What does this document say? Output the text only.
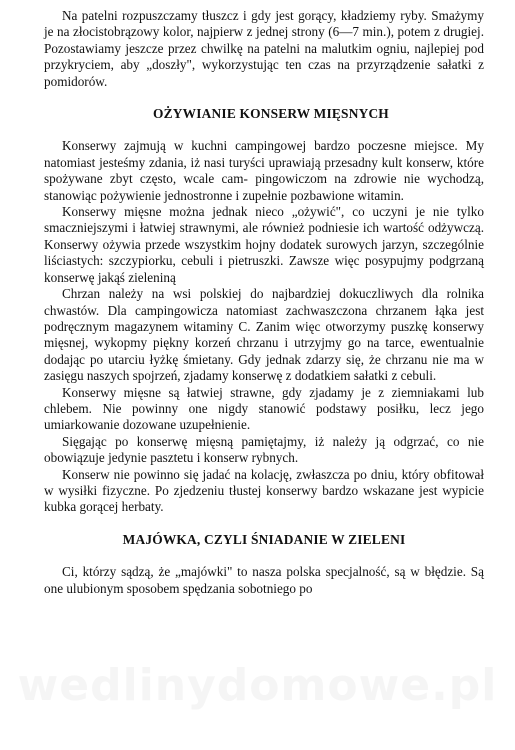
Na patelni rozpuszczamy tłuszcz i gdy jest gorący, kładziemy ryby. Smażymy je na złocistobrązowy kolor, najpierw z jednej strony (6—7 min.), potem z drugiej. Pozostawiamy jeszcze przez chwilkę na patelni na malutkim ogniu, najlepiej pod przykryciem, aby „doszły", wykorzystując ten czas na przyrządzenie sałatki z pomidorów.

OŻYWIANIE KONSERW MIĘSNYCH

Konserwy zajmują w kuchni campingowej bardzo poczesne miejsce. My natomiast jesteśmy zdania, iż nasi turyści uprawiają przesadny kult konserw, które spożywane zbyt często, wcale cam- pingowiczom na zdrowie nie wychodzą, stanowiąc pożywienie jednostronne i zupełnie pozbawione witamin.

Konserwy mięsne można jednak nieco „ożywić", co uczyni je nie tylko smaczniejszymi i łatwiej strawnymi, ale również podniesie ich wartość odżywczą. Konserwy ożywia przede wszystkim hojny dodatek surowych jarzyn, szczególnie liściastych: szczypiorku, cebuli i pietruszki. Zawsze więc posypujmy podgrzaną konserwę jakąś zieleniną

Chrzan należy na wsi polskiej do najbardziej dokuczliwych dla rolnika chwastów. Dla campingowicza natomiast zachwaszczona chrzanem łąka jest podręcznym magazynem witaminy C. Zanim więc otworzymy puszkę konserwy mięsnej, wykopmy piękny korzeń chrzanu i utrzyjmy go na tarce, ewentualnie dodając po utarciu łyżkę śmietany. Gdy jednak zdarzy się, że chrzanu nie ma w zasięgu naszych spojrzeń, zjadamy konserwę z dodatkiem sałatki z cebuli.

Konserwy mięsne są łatwiej strawne, gdy zjadamy je z ziemniakami lub chlebem. Nie powinny one nigdy stanowić podstawy posiłku, lecz jego umiarkowanie dozowane uzupełnienie.

Sięgając po konserwę mięsną pamiętajmy, iż należy ją odgrzać, co nie obowiązuje jedynie pasztetu i konserw rybnych.

Konserw nie powinno się jadać na kolację, zwłaszcza po dniu, który obfitował w wysiłki fizyczne. Po zjedzeniu tłustej konserwy bardzo wskazane jest wypicie kubka gorącej herbaty.

MAJÓWKA, CZYLI ŚNIADANIE W ZIELENI

Ci, którzy sądzą, że „majówki" to nasza polska specjalność, są w błędzie. Są one ulubionym sposobem spędzania sobotniego po

wedlinydomowe.pl
